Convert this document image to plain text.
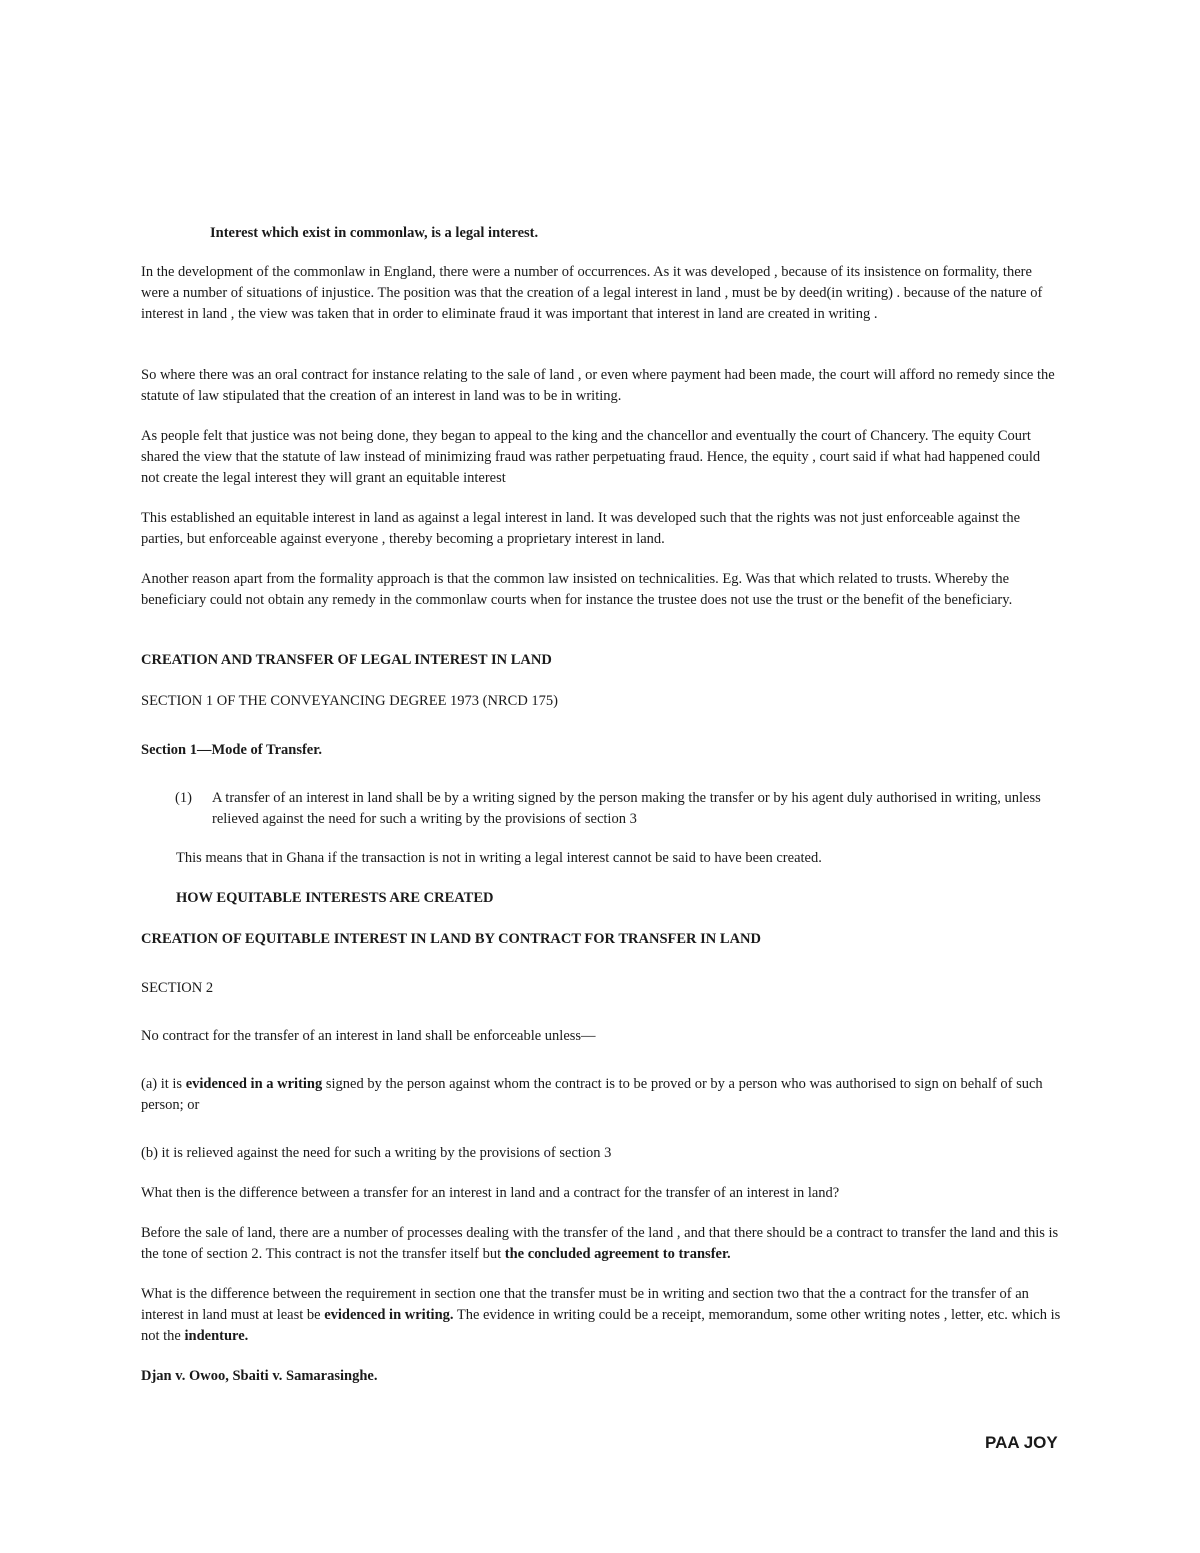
Interest which exist in commonlaw, is a legal interest.
In the development of the commonlaw in England, there were a number of occurrences. As it was developed , because of its insistence on formality, there were a number of situations of injustice. The position was that the creation of a legal interest in land , must be by deed(in writing) . because of the nature of interest in land , the view was taken that in order to eliminate fraud it was important that interest in land are created in writing .
So where there was an oral contract for instance relating to the sale of land , or even where payment had been made, the court will afford no remedy since the statute of law stipulated that the creation of an interest in land was to be in writing.
As people felt that justice was not being done, they began to appeal to the king and the chancellor and eventually the court of Chancery. The equity Court shared the view that the statute of law instead of minimizing fraud was rather perpetuating fraud. Hence, the equity , court said if what had happened could not create the legal interest they will grant an equitable interest
This established an equitable interest in land as against a legal interest in land. It was developed such that the rights was not just enforceable against the parties, but enforceable against everyone , thereby becoming a proprietary interest in land.
Another reason apart from the formality approach is that the common law insisted on technicalities. Eg. Was that which related to trusts. Whereby the beneficiary could not obtain any remedy in the commonlaw courts when for instance the trustee does not use the trust or the benefit of the beneficiary.
CREATION AND TRANSFER OF LEGAL INTEREST IN LAND
SECTION 1 OF THE CONVEYANCING DEGREE 1973 (NRCD 175)
Section 1—Mode of Transfer.
(1) A transfer of an interest in land shall be by a writing signed by the person making the transfer or by his agent duly authorised in writing, unless relieved against the need for such a writing by the provisions of section 3
This means that in Ghana if the transaction is not in writing a legal interest cannot be said to have been created.
HOW EQUITABLE INTERESTS ARE CREATED
CREATION OF EQUITABLE INTEREST IN LAND BY CONTRACT FOR TRANSFER IN LAND
SECTION 2
No contract for the transfer of an interest in land shall be enforceable unless—
(a) it is evidenced in a writing signed by the person against whom the contract is to be proved or by a person who was authorised to sign on behalf of such person; or
(b) it is relieved against the need for such a writing by the provisions of section 3
What then is the difference between a transfer for an interest in land and a contract for the transfer of an interest in land?
Before the sale of land, there are a number of processes dealing with the transfer of the land , and that there should be a contract to transfer the land and this is the tone of section 2. This contract is not the transfer itself but the concluded agreement to transfer.
What is the difference between the requirement in section one that the transfer must be in writing and section two that the a contract for the transfer of an interest in land must at least be evidenced in writing. The evidence in writing could be a receipt, memorandum, some other writing notes , letter, etc. which is not the indenture.
Djan v. Owoo, Sbaiti v. Samarasinghe.
PAA JOY
